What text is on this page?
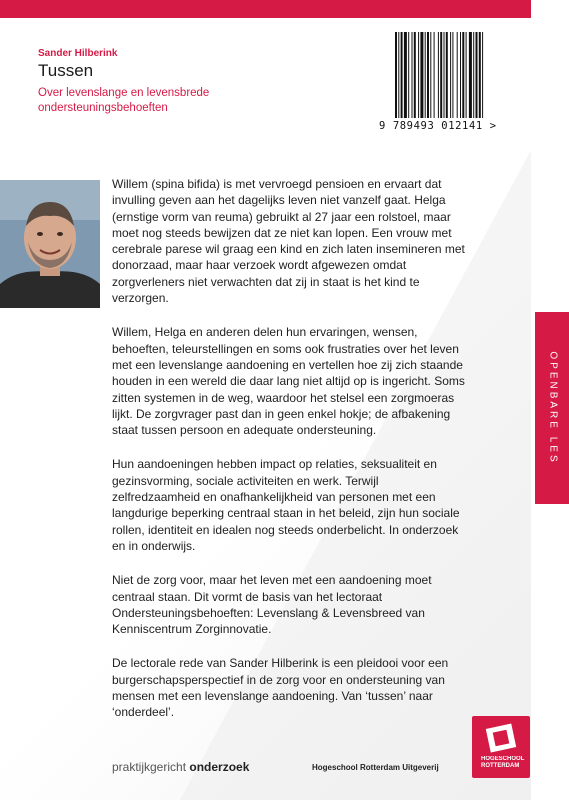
Sander Hilberink
Tussen
Over levenslange en levensbrede ondersteuningsbehoeften
9 789493 012141 >

Willem (spina bifida) is met vervroegd pensioen en ervaart dat invulling geven aan het dagelijks leven niet vanzelf gaat. Helga (ernstige vorm van reuma) gebruikt al 27 jaar een rolstoel, maar moet nog steeds bewijzen dat ze niet kan lopen. Een vrouw met cerebrale parese wil graag een kind en zich laten insemineren met donorzaad, maar haar verzoek wordt afgewezen omdat zorgverleners niet verwachten dat zij in staat is het kind te verzorgen.

Willem, Helga en anderen delen hun ervaringen, wensen, behoeften, teleurstellingen en soms ook frustraties over het leven met een levenslange aandoening en vertellen hoe zij zich staande houden in een wereld die daar lang niet altijd op is ingericht. Soms zitten systemen in de weg, waardoor het stelsel een zorgmoeras lijkt. De zorgvrager past dan in geen enkel hokje; de afbakening staat tussen persoon en adequate ondersteuning.

Hun aandoeningen hebben impact op relaties, seksualiteit en gezinsvorming, sociale activiteiten en werk. Terwijl zelfredzaamheid en onafhankelijkheid van personen met een langdurige beperking centraal staan in het beleid, zijn hun sociale rollen, identiteit en idealen nog steeds onderbelicht. In onderzoek en in onderwijs.

Niet de zorg voor, maar het leven met een aandoening moet centraal staan. Dit vormt de basis van het lectoraat Ondersteuningsbehoeften: Levenslang & Levensbreed van Kenniscentrum Zorginnovatie.

De lectorale rede van Sander Hilberink is een pleidooi voor een burgerschapsperspectief in de zorg voor en ondersteuning van mensen met een levenslange aandoening. Van ‘tussen’ naar ‘onderdeel’.

OPENBARE LES
praktijkgericht onderzoek	Hogeschool Rotterdam Uitgeverij
HOGESCHOOL ROTTERDAM
